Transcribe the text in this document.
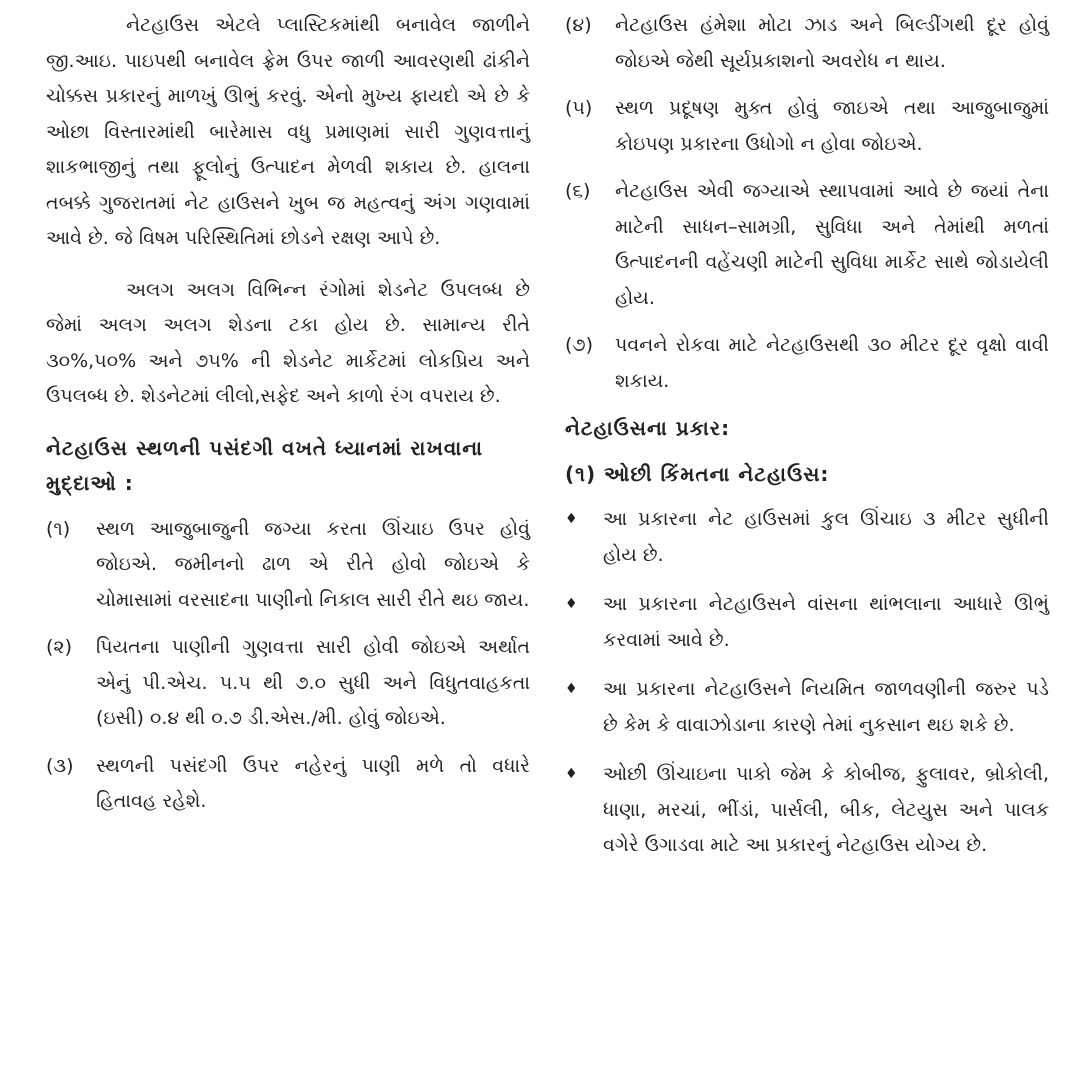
નેટહાઉસ એટલે પ્લાસ્ટિકમાંથી બનાવેલ જાળીને જી.આઇ. પાઇપથી બનાવેલ ફ્રેમ ઉપર જાળી આવરણથી ઢાંકીને ચોક્કસ પ્રકારનું માળખું ઊભું કરવું. એનો મુખ્ય ફાયદો એ છે કે ઓછા વિસ્તારમાંથી બારેમાસ વધુ પ્રમાણમાં સારી ગુણવત્તાનું શાકભાજીનું તથા ફૂલોનું ઉત્પાદન મેળવી શકાય છે. હાલના તબક્કે ગુજરાતમાં નેટ હાઉસને ખુબ જ મહત્વનું અંગ ગણવામાં આવે છે. જે વિષમ પરિસ્થિતિમાં છોડને રક્ષણ આપે છે.

અલગ અલગ વિભિન્ન રંગોમાં શેડનેટ ઉપલબ્ધ છે જેમાં અલગ અલગ શેડના ટકા હોય છે. સામાન્ય રીતે ૩૦%,૫૦% અને ૭૫% ની શેડનેટ માર્કેટમાં લોકપ્રિય અને ઉપલબ્ધ છે. શેડનેટમાં લીલો,સફેદ અને કાળો રંગ વપરાય છે.

નેટહાઉસ સ્થળની પસંદગી વખતે ધ્યાનમાં રાખવાના મુદ્દાઓ :
(૧)	સ્થળ આજુબાજુની જગ્યા કરતા ઊંચાઇ ઉપર હોવું જોઇએ. જમીનનો ઢાળ એ રીતે હોવો જોઇએ કે ચોમાસામાં વરસાદના પાણીનો નિકાલ સારી રીતે થઇ જાય.
(૨)	પિયતના પાણીની ગુણવત્તા સારી હોવી જોઇએ અર્થાત એનું પી.એચ. ૫.૫ થી ૭.૦ સુધી અને વિધુતવાહકતા (ઇસી) ૦.૪ થી ૦.૭ ડી.એસ./મી. હોવું જોઇએ.
(૩)	સ્થળની પસંદગી ઉપર નહેરનું પાણી મળે તો વધારે હિતાવહ રહેશે.
(૪)	નેટહાઉસ હંમેશા મોટા ઝાડ અને બિલ્ડીંગથી દૂર હોવું જોઇએ જેથી સૂર્યપ્રકાશનો અવરોધ ન થાય.
(૫)	સ્થળ પ્રદૂષણ મુક્ત હોવું જાઇએ તથા આજુબાજુમાં કોઇપણ પ્રકારના ઉધોગો ન હોવા જોઇએ.
(૬)	નેટહાઉસ એવી જગ્યાએ સ્થાપવામાં આવે છે જયાં તેના માટેની સાધન–સામગ્રી, સુવિધા અને તેમાંથી મળતાં ઉત્પાદનની વહેંચણી માટેની સુવિધા માર્કેટ સાથે જોડાયેલી હોય.
(૭)	પવનને રોકવા માટે નેટહાઉસથી ૩૦ મીટર દૂર વૃક્ષો વાવી શકાય.
નેટહાઉસના પ્રકાર:
(૧) ઓછી કિંમતના નેટહાઉસ:
♦	આ પ્રકારના નેટ હાઉસમાં કુલ ઊંચાઇ ૩ મીટર સુધીની હોય છે.
♦	આ પ્રકારના નેટહાઉસને વાંસના થાંભલાના આધારે ઊભું કરવામાં આવે છે.
♦	આ પ્રકારના નેટહાઉસને નિયમિત જાળવણીની જરુર પડે છે કેમ કે વાવાઝોડાના કારણે તેમાં નુકસાન થઇ શકે છે.
♦	ઓછી ઊંચાઇના પાકો જેમ કે કોબીજ, ફુલાવર, બ્રોકોલી, ધાણા, મરચાં, ભીંડાં, પાર્સલી, બીક, લેટયુસ અને પાલક વગેરે ઉગાડવા માટે આ પ્રકારનું નેટહાઉસ યોગ્ય છે.
